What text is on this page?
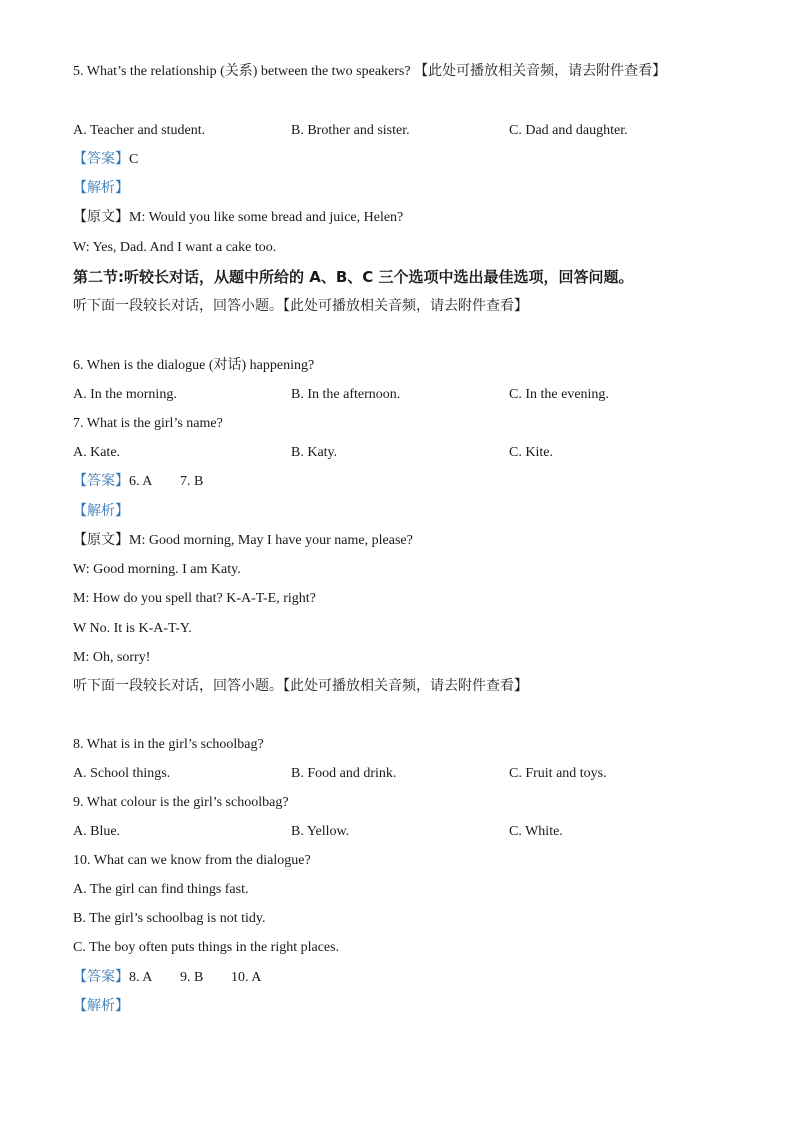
5. What’s the relationship (关系) between the two speakers? 【此处可播放相关音频，请去附件查看】
A. Teacher and student.	B. Brother and sister.	C. Dad and daughter.
【答案】C
【解析】
【原文】M: Would you like some bread and juice, Helen?
W: Yes, Dad. And I want a cake too.
第二节:听较长对话，从题中所给的 A、B、C 三个选项中选出最佳选项，回答问题。
听下面一段较长对话，回答小题。【此处可播放相关音频，请去附件查看】
6. When is the dialogue (对话) happening?
A. In the morning.	B. In the afternoon.	C. In the evening.
7. What is the girl’s name?
A. Kate.	B. Katy.	C. Kite.
【答案】6. A 7. B
【解析】
【原文】M: Good morning, May I have your name, please?
W: Good morning. I am Katy.
M: How do you spell that? K-A-T-E, right?
W No. It is K-A-T-Y.
M: Oh, sorry!
听下面一段较长对话，回答小题。【此处可播放相关音频，请去附件查看】
8. What is in the girl’s schoolbag?
A. School things.	B. Food and drink.	C. Fruit and toys.
9. What colour is the girl’s schoolbag?
A. Blue.	B. Yellow.	C. White.
10. What can we know from the dialogue?
A. The girl can find things fast.
B. The girl’s schoolbag is not tidy.
C. The boy often puts things in the right places.
【答案】8. A 9. B 10. A
【解析】
